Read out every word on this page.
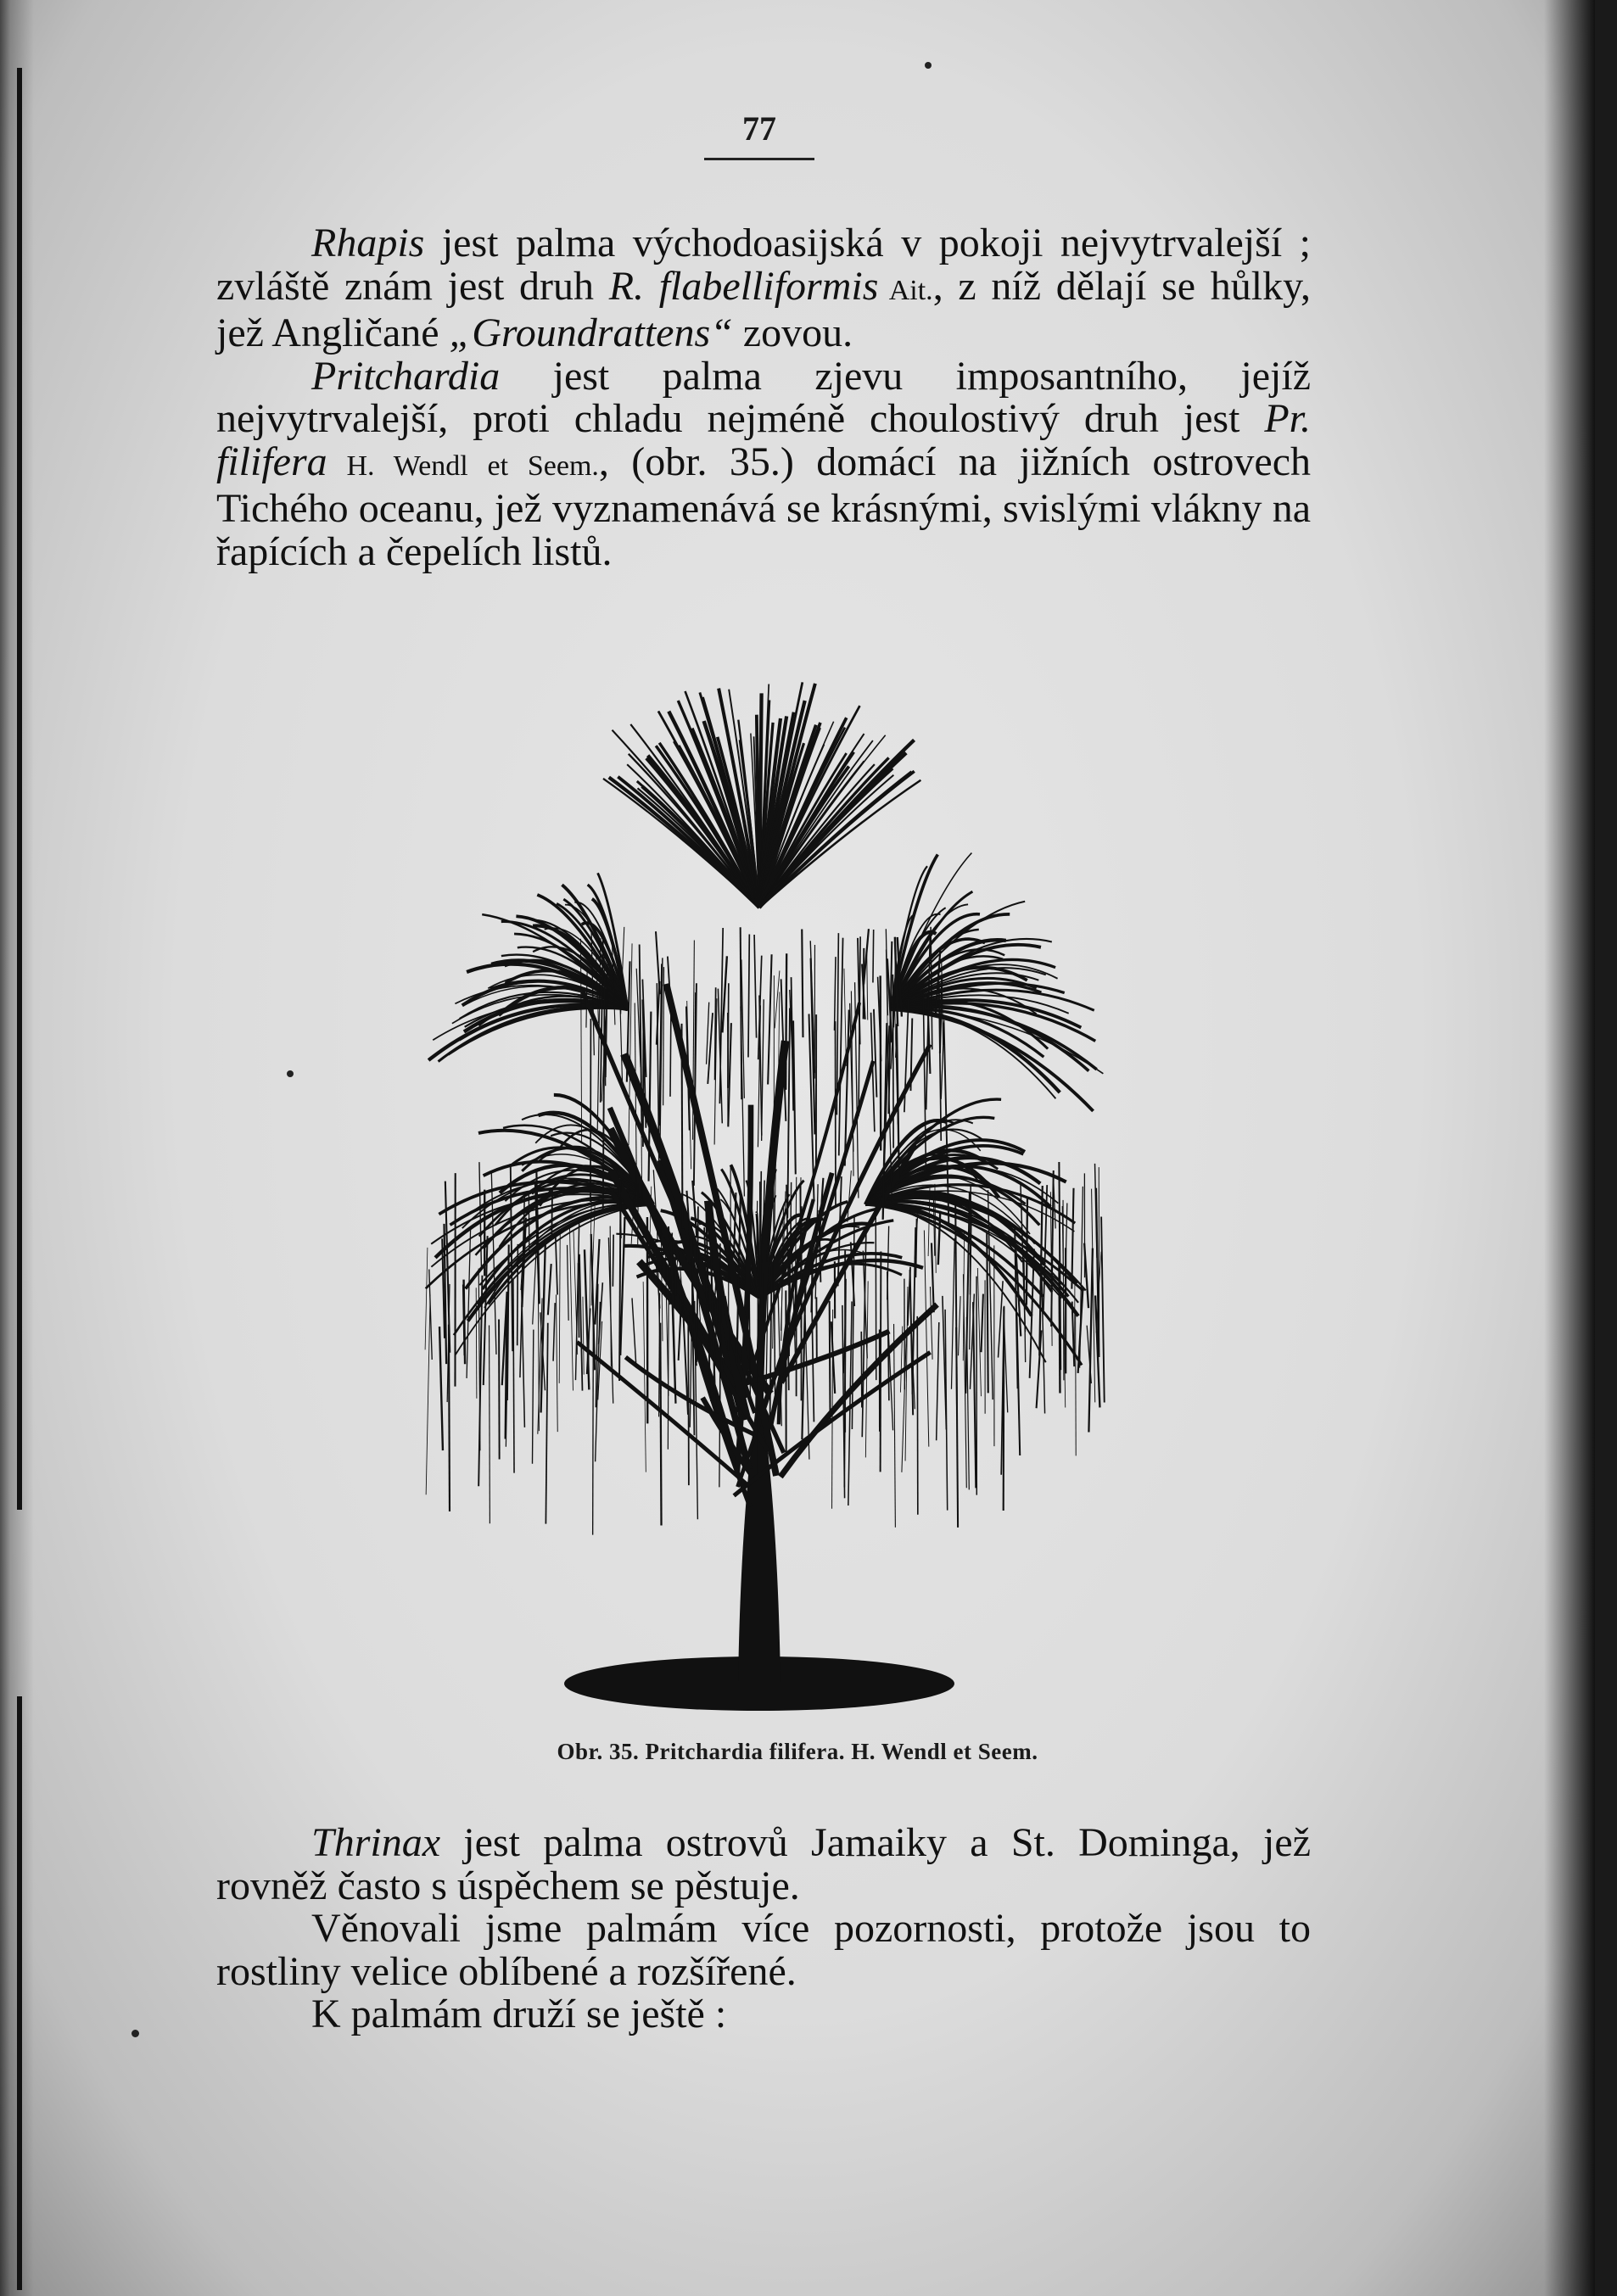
77

Rhapis jest palma východoasijská v pokoji nejvytrvalejší ; zvláště znám jest druh R. flabelliformis Ait., z níž dělají se hůlky, jež Angličané „Groundrattens“ zovou.

Pritchardia jest palma zjevu imposantního, jejíž nejvytrvalejší, proti chladu nejméně choulostivý druh jest Pr. filifera H. Wendl et Seem., (obr. 35.) domácí na jižních ostrovech Tichého oceanu, jež vyznamenává se krásnými, svislými vlákny na řapících a čepelích listů.

Obr. 35. Pritchardia filifera. H. Wendl et Seem.

Thrinax jest palma ostrovů Jamaiky a St. Dominga, jež rovněž často s úspěchem se pěstuje.

Věnovali jsme palmám více pozornosti, protože jsou to rostliny velice oblíbené a rozšířené.

K palmám druží se ještě :
